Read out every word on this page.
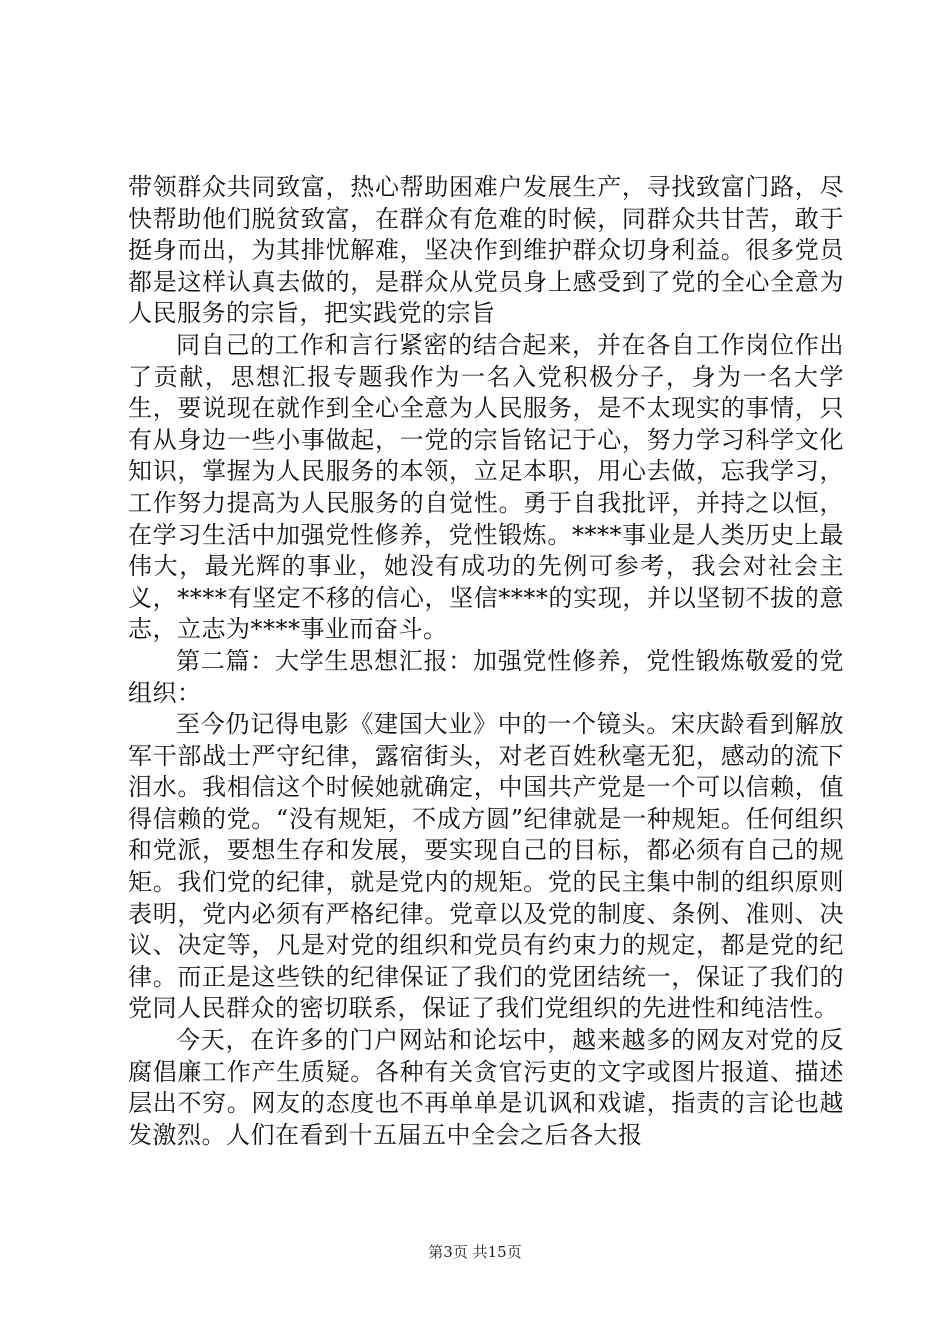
带领群众共同致富，热心帮助困难户发展生产，寻找致富门路，尽快帮助他们脱贫致富，在群众有危难的时候，同群众共甘苦，敢于挺身而出，为其排忧解难，坚决作到维护群众切身利益。很多党员都是这样认真去做的，是群众从党员身上感受到了党的全心全意为人民服务的宗旨，把实践党的宗旨

同自己的工作和言行紧密的结合起来，并在各自工作岗位作出了贡献，思想汇报专题我作为一名入党积极分子，身为一名大学生，要说现在就作到全心全意为人民服务，是不太现实的事情，只有从身边一些小事做起，一党的宗旨铭记于心，努力学习科学文化知识，掌握为人民服务的本领，立足本职，用心去做，忘我学习，工作努力提高为人民服务的自觉性。勇于自我批评，并持之以恒，在学习生活中加强党性修养，党性锻炼。****事业是人类历史上最伟大，最光辉的事业，她没有成功的先例可参考，我会对社会主义，****有坚定不移的信心，坚信****的实现，并以坚韧不拔的意志，立志为****事业而奋斗。

第二篇：大学生思想汇报：加强党性修养，党性锻炼敬爱的党组织：

至今仍记得电影《建国大业》中的一个镜头。宋庆龄看到解放军干部战士严守纪律，露宿街头，对老百姓秋毫无犯，感动的流下泪水。我相信这个时候她就确定，中国共产党是一个可以信赖，值得信赖的党。“没有规矩，不成方圆”纪律就是一种规矩。任何组织和党派，要想生存和发展，要实现自己的目标，都必须有自己的规矩。我们党的纪律，就是党内的规矩。党的民主集中制的组织原则表明，党内必须有严格纪律。党章以及党的制度、条例、准则、决议、决定等，凡是对党的组织和党员有约束力的规定，都是党的纪律。而正是这些铁的纪律保证了我们的党团结统一，保证了我们的党同人民群众的密切联系，保证了我们党组织的先进性和纯洁性。

今天，在许多的门户网站和论坛中，越来越多的网友对党的反腐倡廉工作产生质疑。各种有关贪官污吏的文字或图片报道、描述层出不穷。网友的态度也不再单单是讥讽和戏谑，指责的言论也越发激烈。人们在看到十五届五中全会之后各大报

第3页 共15页
